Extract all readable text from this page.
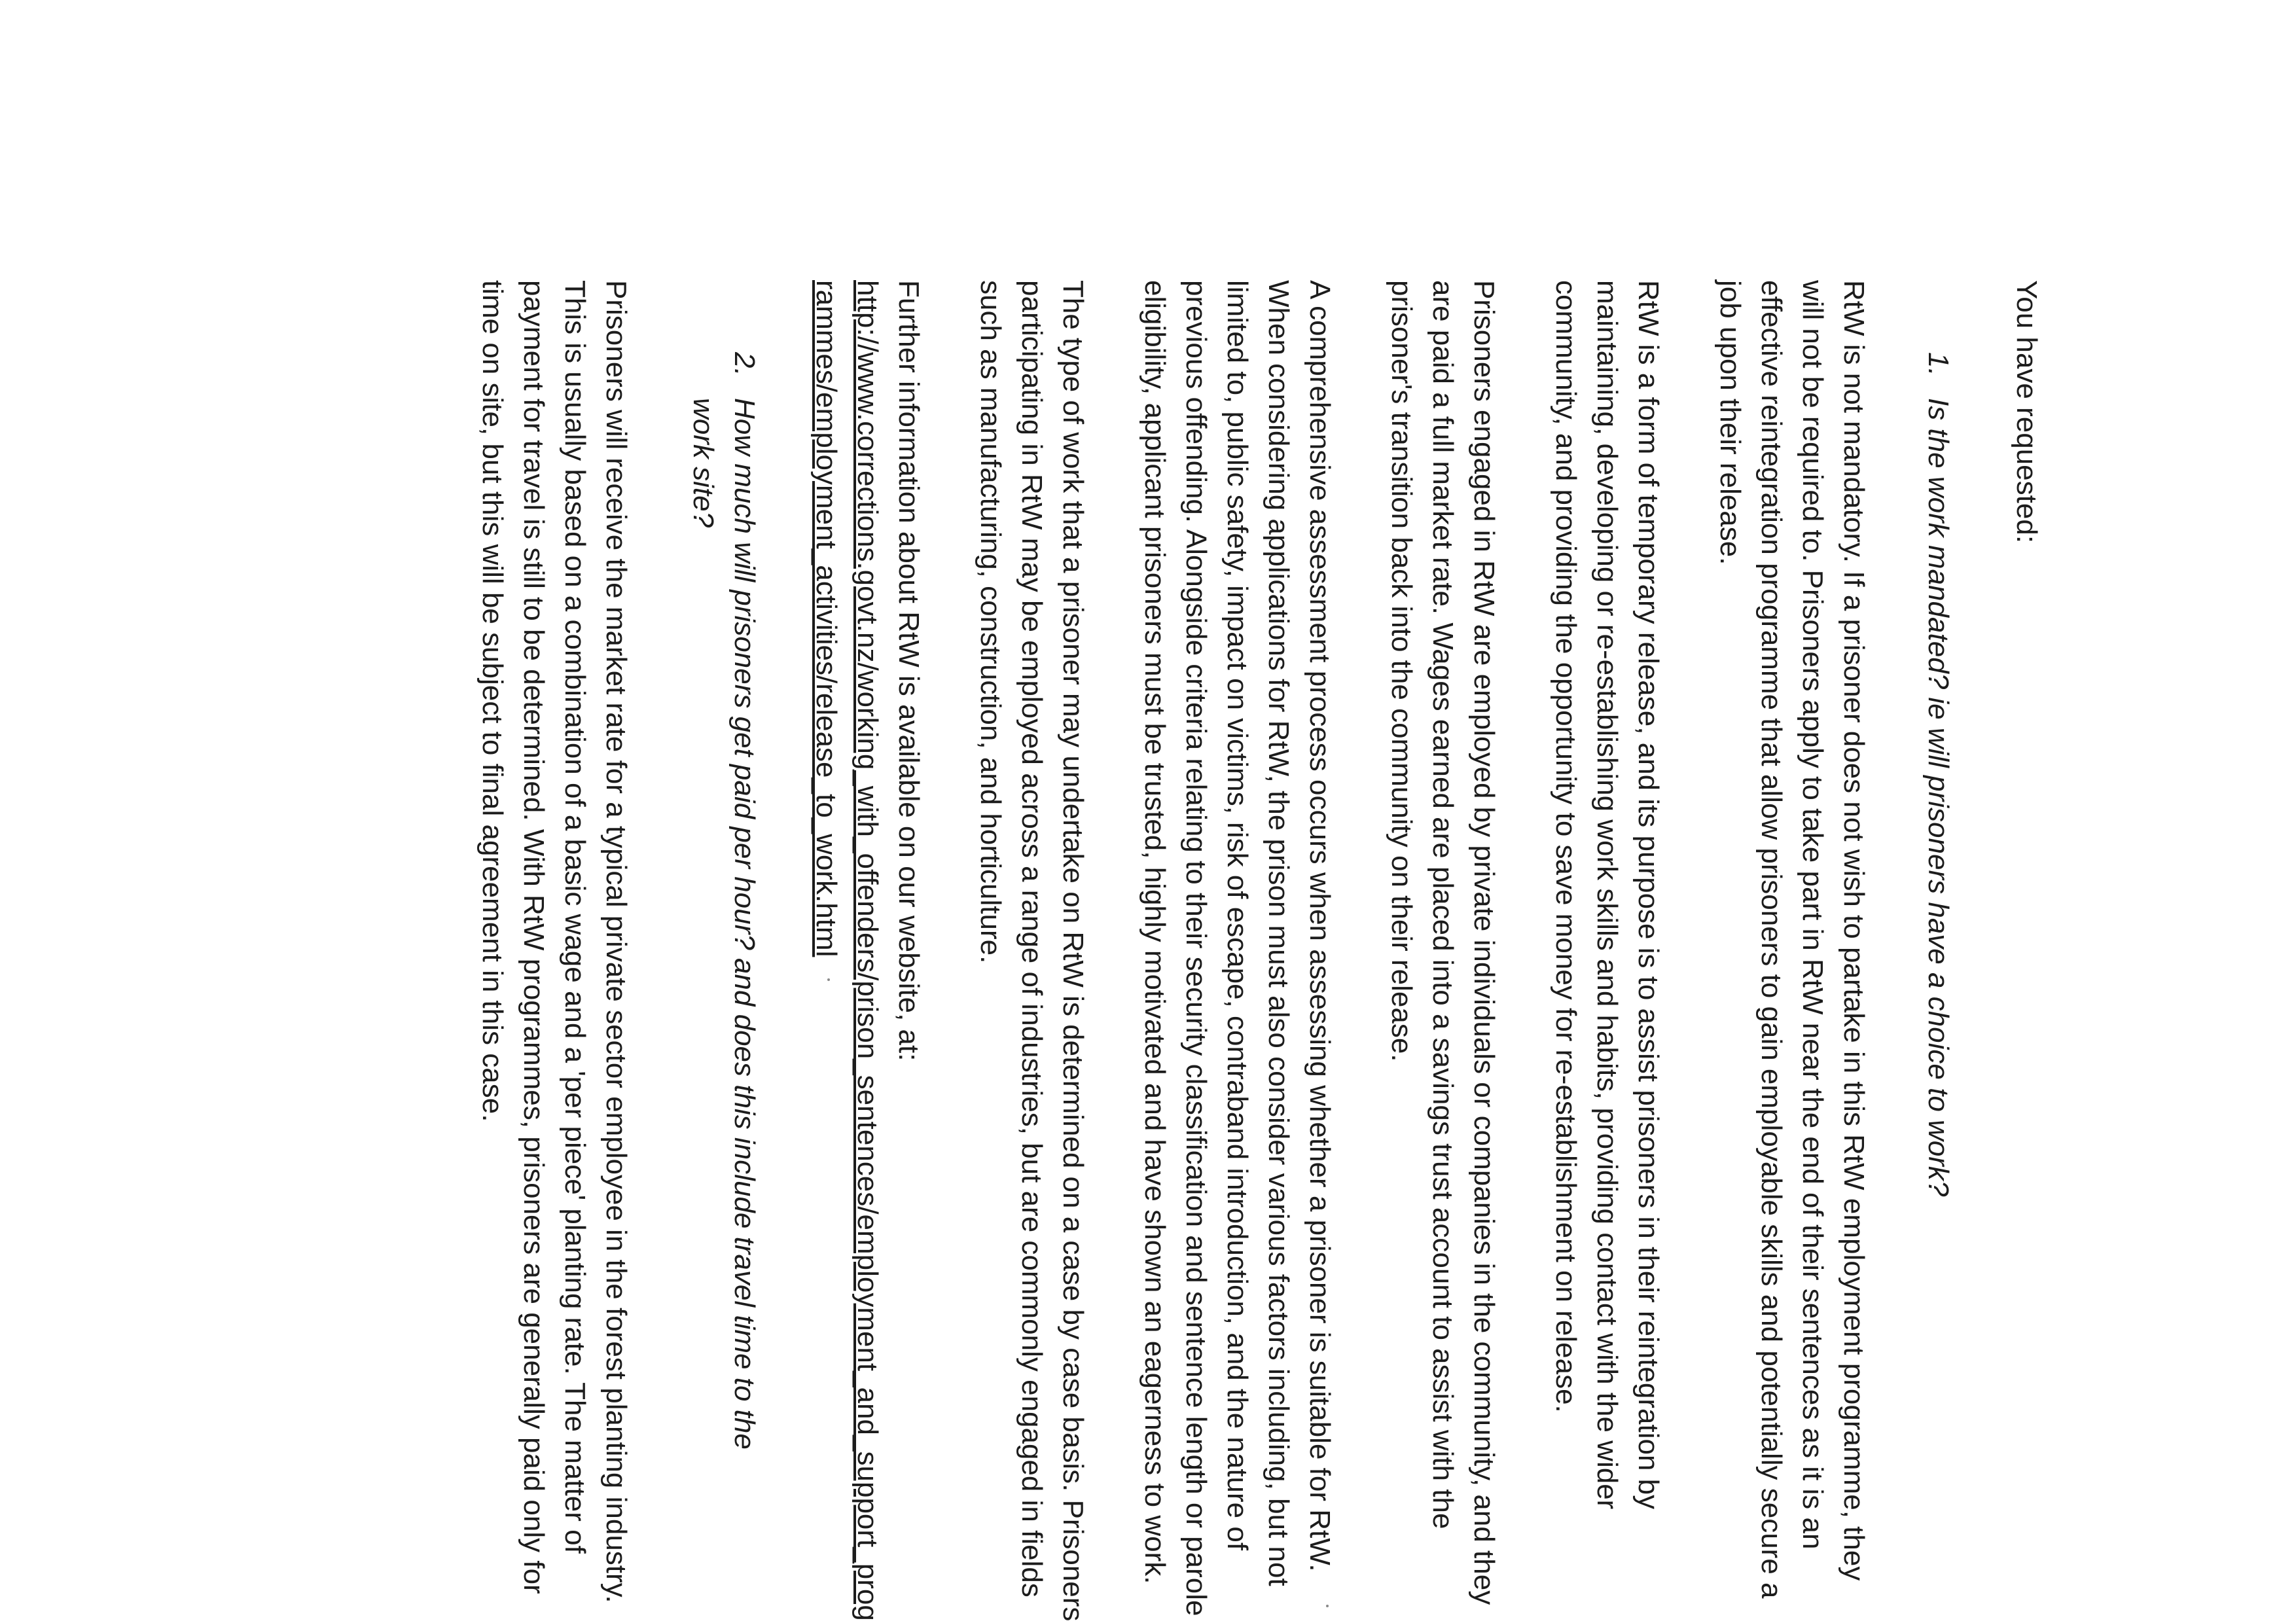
You have requested:

1.
Is the work mandated? ie will prisoners have a choice to work?

RtW is not mandatory. If a prisoner does not wish to partake in this RtW employment programme, they will not be required to. Prisoners apply to take part in RtW near the end of their sentences as it is an effective reintegration programme that allow prisoners to gain employable skills and potentially secure a job upon their release.

RtW is a form of temporary release, and its purpose is to assist prisoners in their reintegration by maintaining, developing or re-establishing work skills and habits, providing contact with the wider community, and providing the opportunity to save money for re-establishment on release.

Prisoners engaged in RtW are employed by private individuals or companies in the community, and they are paid a full market rate. Wages earned are placed into a savings trust account to assist with the prisoner's transition back into the community on their release.

A comprehensive assessment process occurs when assessing whether a prisoner is suitable for RtW. When considering applications for RtW, the prison must also consider various factors including, but not limited to, public safety, impact on victims, risk of escape, contraband introduction, and the nature of previous offending. Alongside criteria relating to their security classification and sentence length or parole eligibility, applicant prisoners must be trusted, highly motivated and have shown an eagerness to work.

The type of work that a prisoner may undertake on RtW is determined on a case by case basis. Prisoners participating in RtW may be employed across a range of industries, but are commonly engaged in fields such as manufacturing, construction, and horticulture.

Further information about RtW is available on our website, at:
http://www.corrections.govt.nz/working_with_offenders/prison_sentences/employment_and_support_programmes/employment_activities/release_to_work.html

2.
How much will prisoners get paid per hour? and does this include travel time to the work site?

Prisoners will receive the market rate for a typical private sector employee in the forest planting industry. This is usually based on a combination of a basic wage and a 'per piece' planting rate. The matter of payment for travel is still to be determined. With RtW programmes, prisoners are generally paid only for time on site, but this will be subject to final agreement in this case.
